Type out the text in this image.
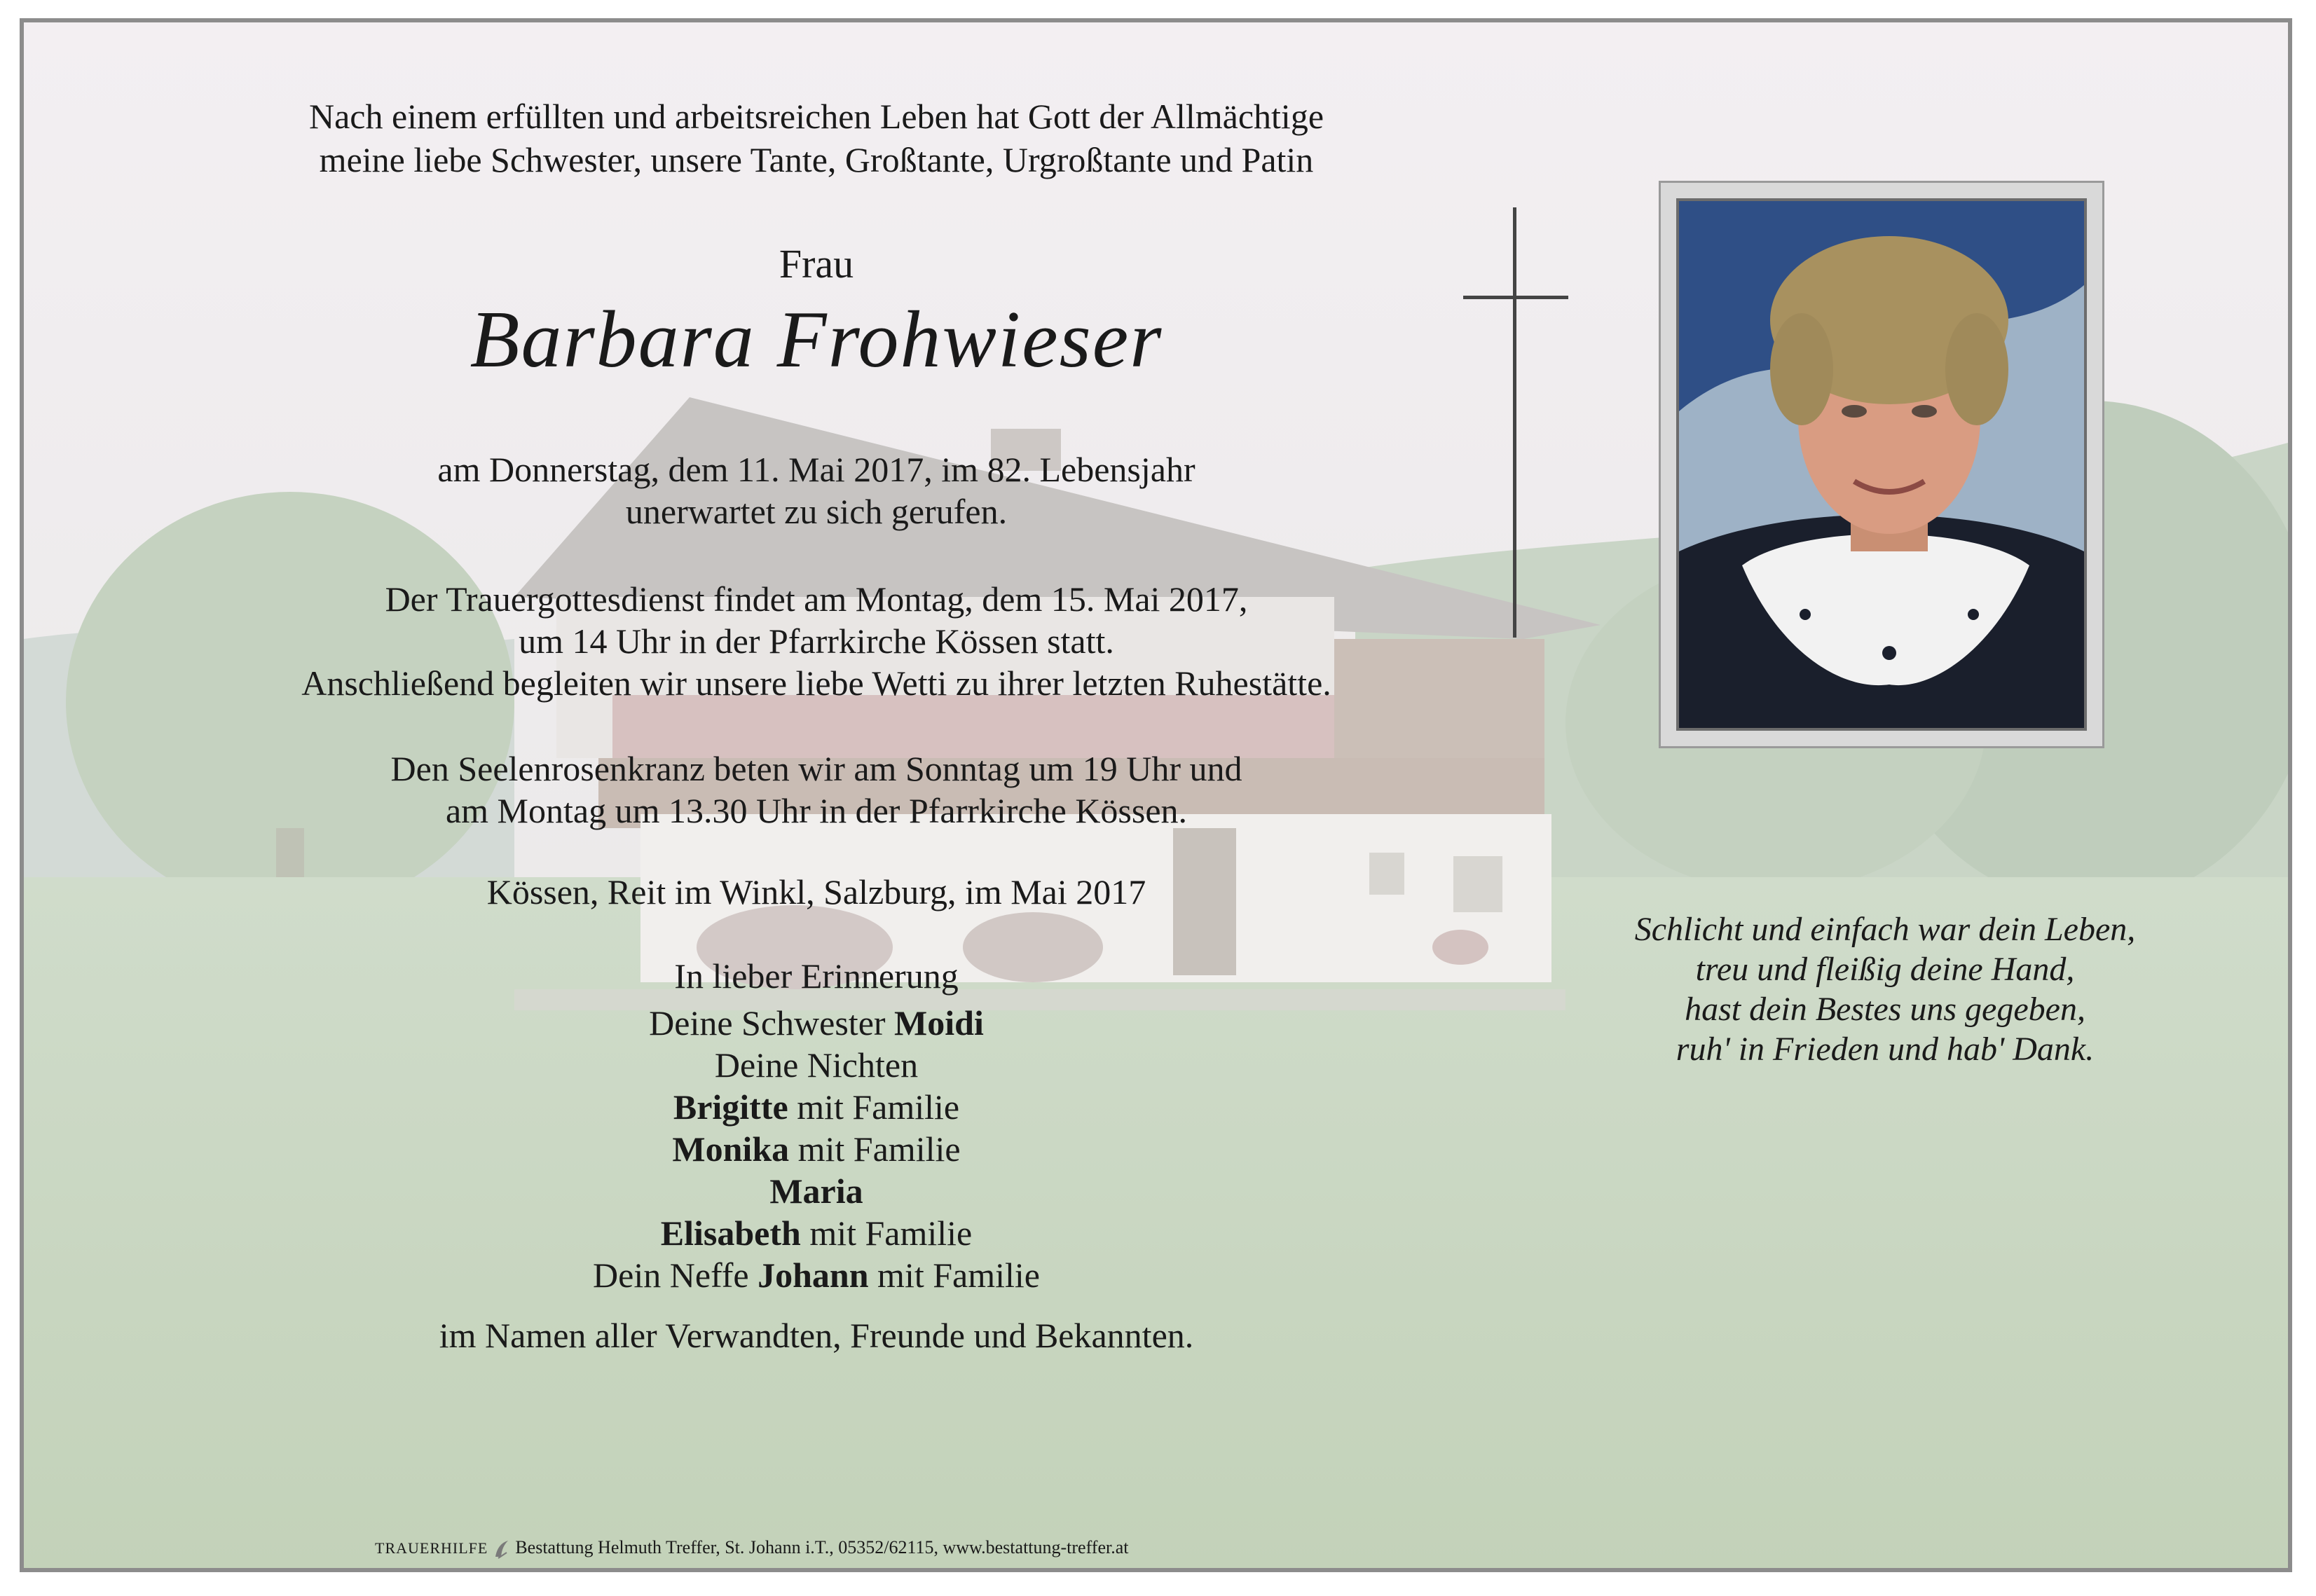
Nach einem erfüllten und arbeitsreichen Leben hat Gott der Allmächtige
meine liebe Schwester, unsere Tante, Großtante, Urgroßtante und Patin
Frau
Barbara Frohwieser
am Donnerstag, dem 11. Mai 2017, im 82. Lebensjahr
unerwartet zu sich gerufen.
Der Trauergottesdienst findet am Montag, dem 15. Mai 2017,
um 14 Uhr in der Pfarrkirche Kössen statt.
Anschließend begleiten wir unsere liebe Wetti zu ihrer letzten Ruhestätte.
Den Seelenrosenkranz beten wir am Sonntag um 19 Uhr und
am Montag um 13.30 Uhr in der Pfarrkirche Kössen.
Kössen, Reit im Winkl, Salzburg, im Mai 2017
In lieber Erinnerung
Deine Schwester Moidi
Deine Nichten
Brigitte mit Familie
Monika mit Familie
Maria
Elisabeth mit Familie
Dein Neffe Johann mit Familie
im Namen aller Verwandten, Freunde und Bekannten.
Schlicht und einfach war dein Leben,
treu und fleißig deine Hand,
hast dein Bestes uns gegeben,
ruh' in Frieden und hab' Dank.
TRAUERHILFE Bestattung Helmuth Treffer, St. Johann i.T., 05352/62115, www.bestattung-treffer.at
